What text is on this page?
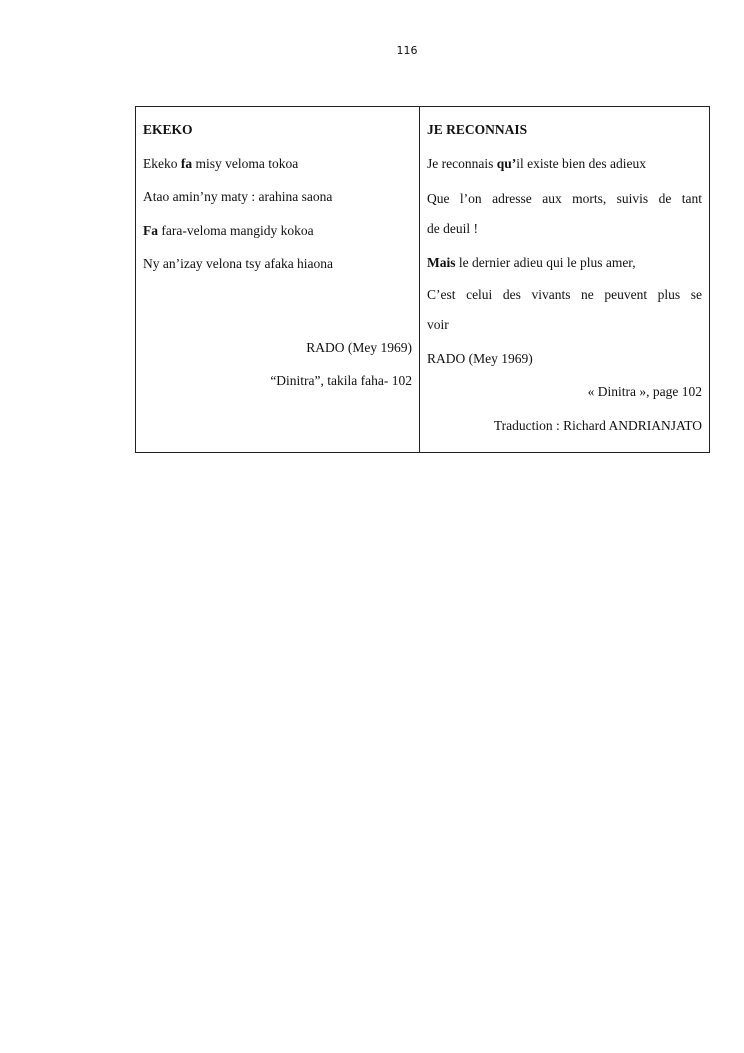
116
EKEKO
Ekeko fa misy veloma tokoa
Atao amin’ny maty : arahina saona
Fa fara-veloma mangidy kokoa
Ny an’izay velona tsy afaka hiaona
RADO (Mey 1969)
“Dinitra”, takila faha- 102

JE RECONNAIS
Je reconnais qu’il existe bien des adieux
Que l’on adresse aux morts, suivis de tant
de deuil !
Mais le dernier adieu qui le plus amer,
C’est celui des vivants ne peuvent plus se
voir
RADO (Mey 1969)
« Dinitra », page 102
Traduction : Richard ANDRIANJATO
